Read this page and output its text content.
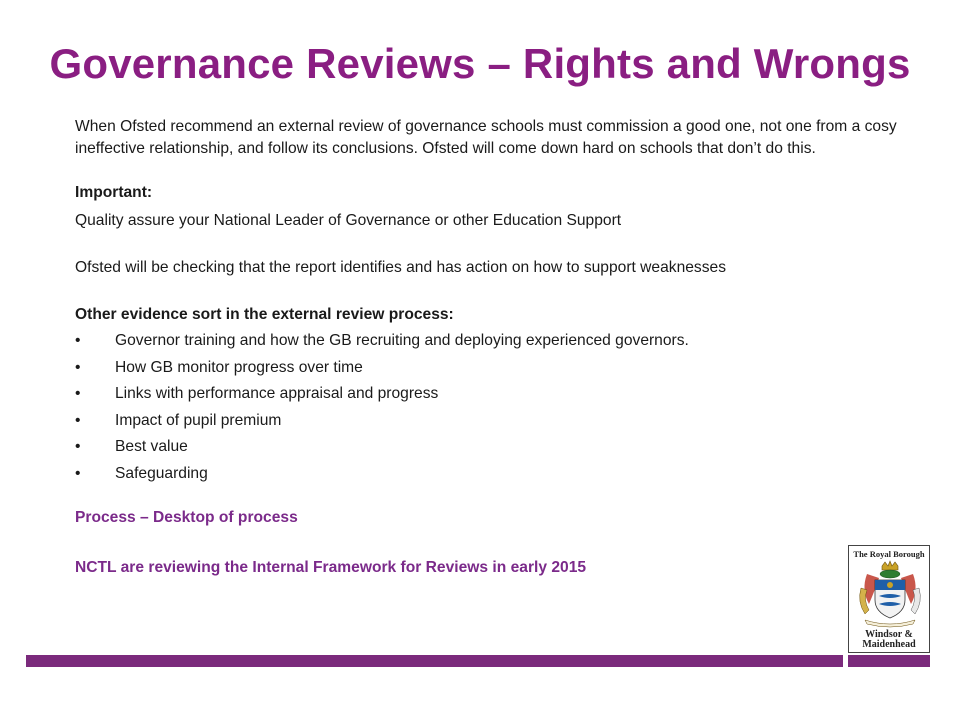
Governance Reviews – Rights and Wrongs

When Ofsted recommend an external review of governance schools must commission a good one, not one from a cosy ineffective relationship, and follow its conclusions. Ofsted will come down hard on schools that don’t do this.

Important:

Quality assure your National Leader of Governance or other Education Support

Ofsted will be checking that the report identifies and has action on how to support weaknesses

Other evidence sort in the external review process:

• Governor training and how the GB recruiting and deploying experienced governors.
• How GB monitor progress over time
• Links with performance appraisal and progress
• Impact of pupil premium
• Best value
• Safeguarding

Process – Desktop of process

NCTL are reviewing the Internal Framework for Reviews in early 2015

The Royal Borough
Windsor &
Maidenhead
